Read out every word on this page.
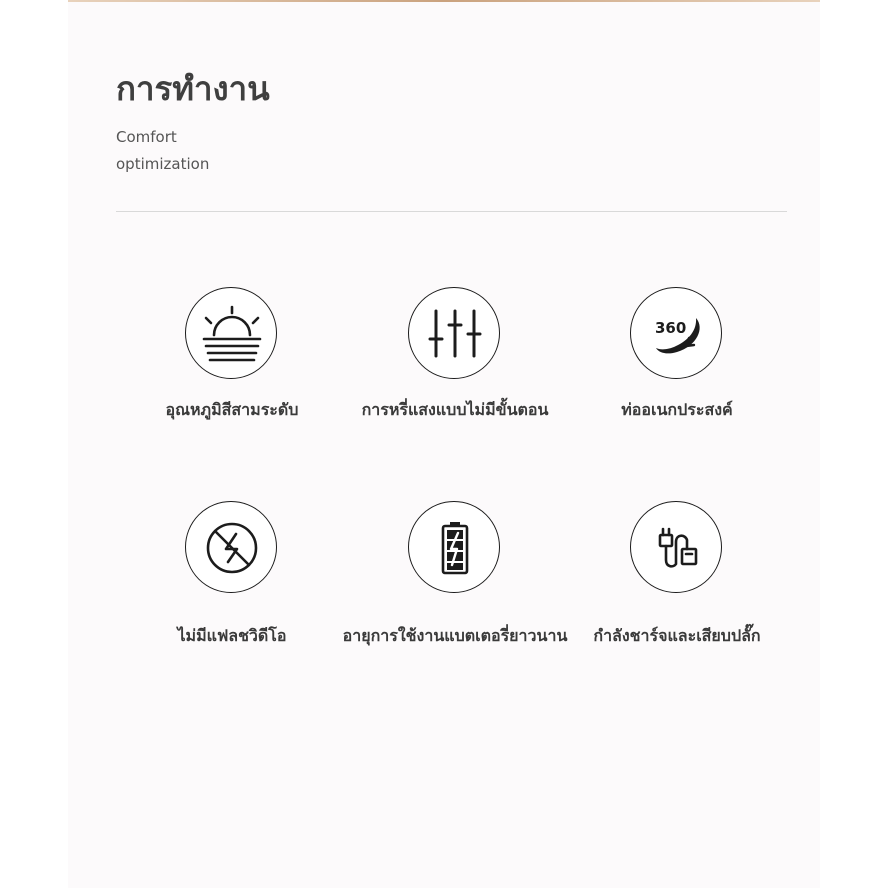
การทำงาน
Comfort
optimization
อุณหภูมิสีสามระดับ	การหรี่แสงแบบไม่มีขั้นตอน
360
ท่ออเนกประสงค์
ไม่มีแฟลชวิดีโอ	อายุการใช้งานแบตเตอรี่ยาวนาน	กำลังชาร์จและเสียบปลั๊ก
